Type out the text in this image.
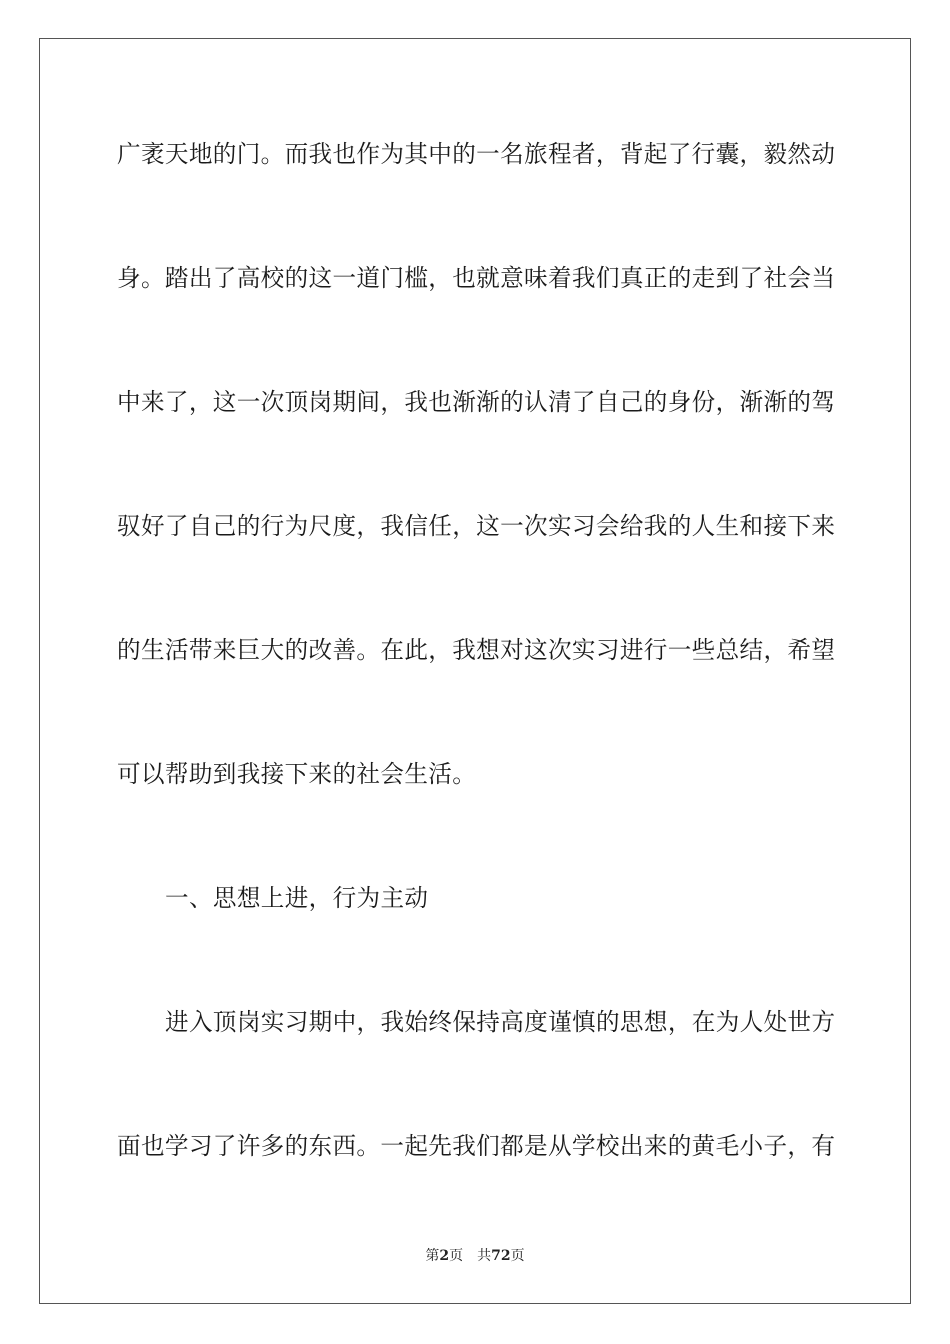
广袤天地的门。而我也作为其中的一名旅程者，背起了行囊，毅然动
身。踏出了高校的这一道门槛，也就意味着我们真正的走到了社会当
中来了，这一次顶岗期间，我也渐渐的认清了自己的身份，渐渐的驾
驭好了自己的行为尺度，我信任，这一次实习会给我的人生和接下来
的生活带来巨大的改善。在此，我想对这次实习进行一些总结，希望
可以帮助到我接下来的社会生活。
一、思想上进，行为主动
进入顶岗实习期中，我始终保持高度谨慎的思想，在为人处世方
面也学习了许多的东西。一起先我们都是从学校出来的黄毛小子，有
第2页 共72页
